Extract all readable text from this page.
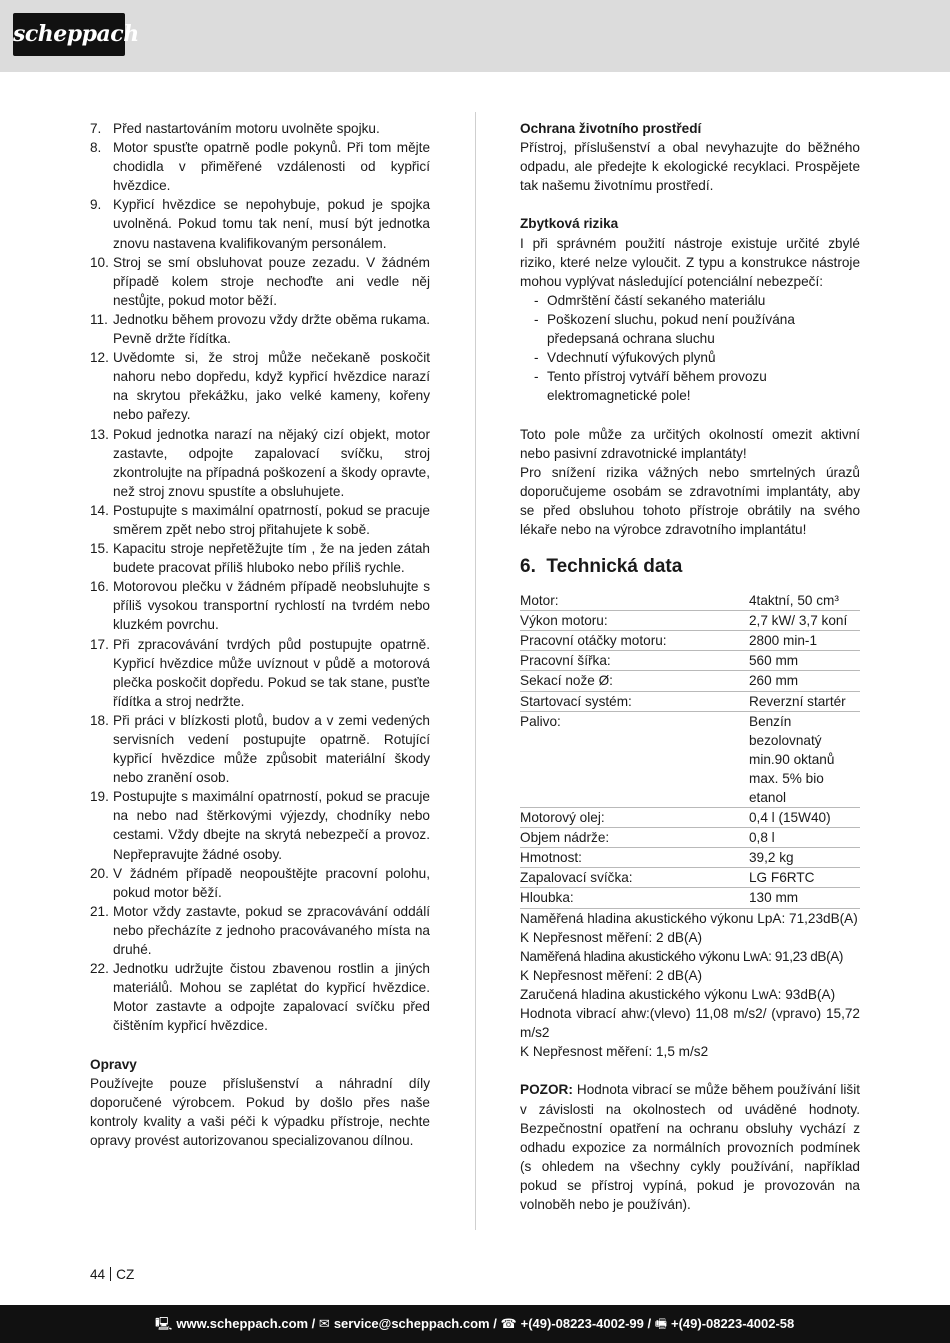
scheppach
7. Před nastartováním motoru uvolněte spojku.
8. Motor spusťte opatrně podle pokynů. Při tom mějte chodidla v přiměřené vzdálenosti od kypřicí hvězdice.
9. Kypřicí hvězdice se nepohybuje, pokud je spojka uvolněná. Pokud tomu tak není, musí být jednotka znovu nastavena kvalifikovaným personálem.
10. Stroj se smí obsluhovat pouze zezadu. V žádném případě kolem stroje nechoďte ani vedle něj nestůjte, pokud motor běží.
11. Jednotku během provozu vždy držte oběma rukama. Pevně držte řídítka.
12. Uvědomte si, že stroj může nečekaně poskočit nahoru nebo dopředu, když kypřicí hvězdice narazí na skrytou překážku, jako velké kameny, kořeny nebo pařezy.
13. Pokud jednotka narazí na nějaký cizí objekt, motor zastavte, odpojte zapalovací svíčku, stroj zkontrolujte na případná poškození a škody opravte, než stroj znovu spustíte a obsluhujete.
14. Postupujte s maximální opatrností, pokud se pracuje směrem zpět nebo stroj přitahujete k sobě.
15. Kapacitu stroje nepřetěžujte tím , že na jeden zátah budete pracovat příliš hluboko nebo příliš rychle.
16. Motorovou plečku v žádném případě neobsluhujte s příliš vysokou transportní rychlostí na tvrdém nebo kluzkém povrchu.
17. Při zpracovávání tvrdých půd postupujte opatrně. Kypřicí hvězdice může uvíznout v půdě a motorová plečka poskočit dopředu. Pokud se tak stane, pusťte řídítka a stroj nedržte.
18. Při práci v blízkosti plotů, budov a v zemi vedených servisních vedení postupujte opatrně. Rotující kypřicí hvězdice může způsobit materiální škody nebo zranění osob.
19. Postupujte s maximální opatrností, pokud se pracuje na nebo nad štěrkovými výjezdy, chodníky nebo cestami. Vždy dbejte na skrytá nebezpečí a provoz. Nepřepravujte žádné osoby.
20. V žádném případě neopouštějte pracovní polohu, pokud motor běží.
21. Motor vždy zastavte, pokud se zpracovávání oddálí nebo přecházíte z jednoho pracovávaného místa na druhé.
22. Jednotku udržujte čistou zbavenou rostlin a jiných materiálů. Mohou se zaplétat do kypřicí hvězdice. Motor zastavte a odpojte zapalovací svíčku před čištěním kypřicí hvězdice.
Opravy

Používejte pouze příslušenství a náhradní díly doporučené výrobcem. Pokud by došlo přes naše kontroly kvality a vaši péči k výpadku přístroje, nechte opravy provést autorizovanou specializovanou dílnou.

Ochrana životního prostředí

Přístroj, příslušenství a obal nevyhazujte do běžného odpadu, ale předejte k ekologické recyklaci. Prospějete tak našemu životnímu prostředí.

Zbytková rizika

I při správném použití nástroje existuje určité zbylé riziko, které nelze vyloučit. Z typu a konstrukce nástroje mohou vyplývat následující potenciální nebezpečí:

- Odmrštění částí sekaného materiálu
- Poškození sluchu, pokud není používána předepsaná ochrana sluchu
- Vdechnutí výfukových plynů
- Tento přístroj vytváří během provozu elektromagnetické pole!

Toto pole může za určitých okolností omezit aktivní nebo pasivní zdravotnické implantáty!

Pro snížení rizika vážných nebo smrtelných úrazů doporučujeme osobám se zdravotními implantáty, aby se před obsluhou tohoto přístroje obrátily na svého lékaře nebo na výrobce zdravotního implantátu!

6. Technická data
Motor:	4taktní, 50 cm³
Výkon motoru:	2,7 kW/ 3,7 koní
Pracovní otáčky motoru:	2800 min-1
Pracovní šířka:	560 mm
Sekací nože Ø:	260 mm
Startovací systém:	Reverzní startér
Palivo:	Benzín bezolovnatý min.90 oktanů max. 5% bio etanol
Motorový olej:	0,4 l (15W40)
Objem nádrže:	0,8 l
Hmotnost:	39,2 kg
Zapalovací svíčka:	LG F6RTC
Hloubka:	130 mm

Naměřená hladina akustického výkonu LpA: 71,23dB(A)

K Nepřesnost měření: 2 dB(A)

Naměřená hladina akustického výkonu LwA: 91,23 dB(A)

K Nepřesnost měření: 2 dB(A)

Zaručená hladina akustického výkonu LwA: 93dB(A)

Hodnota vibrací ahw:(vlevo) 11,08 m/s2/ (vpravo) 15,72 m/s2

K Nepřesnost měření: 1,5 m/s2

POZOR: Hodnota vibrací se může během používání lišit v závislosti na okolnostech od uváděné hodnoty. Bezpečnostní opatření na ochranu obsluhy vychází z odhadu expozice za normálních provozních podmínek (s ohledem na všechny cykly používání, například pokud se přístroj vypíná, pokud je provozován na volnoběh nebo je používán).

44 CZ
🖳 www.scheppach.com / ✉ service@scheppach.com / ☎ +(49)-08223-4002-99 / 🖷 +(49)-08223-4002-58
